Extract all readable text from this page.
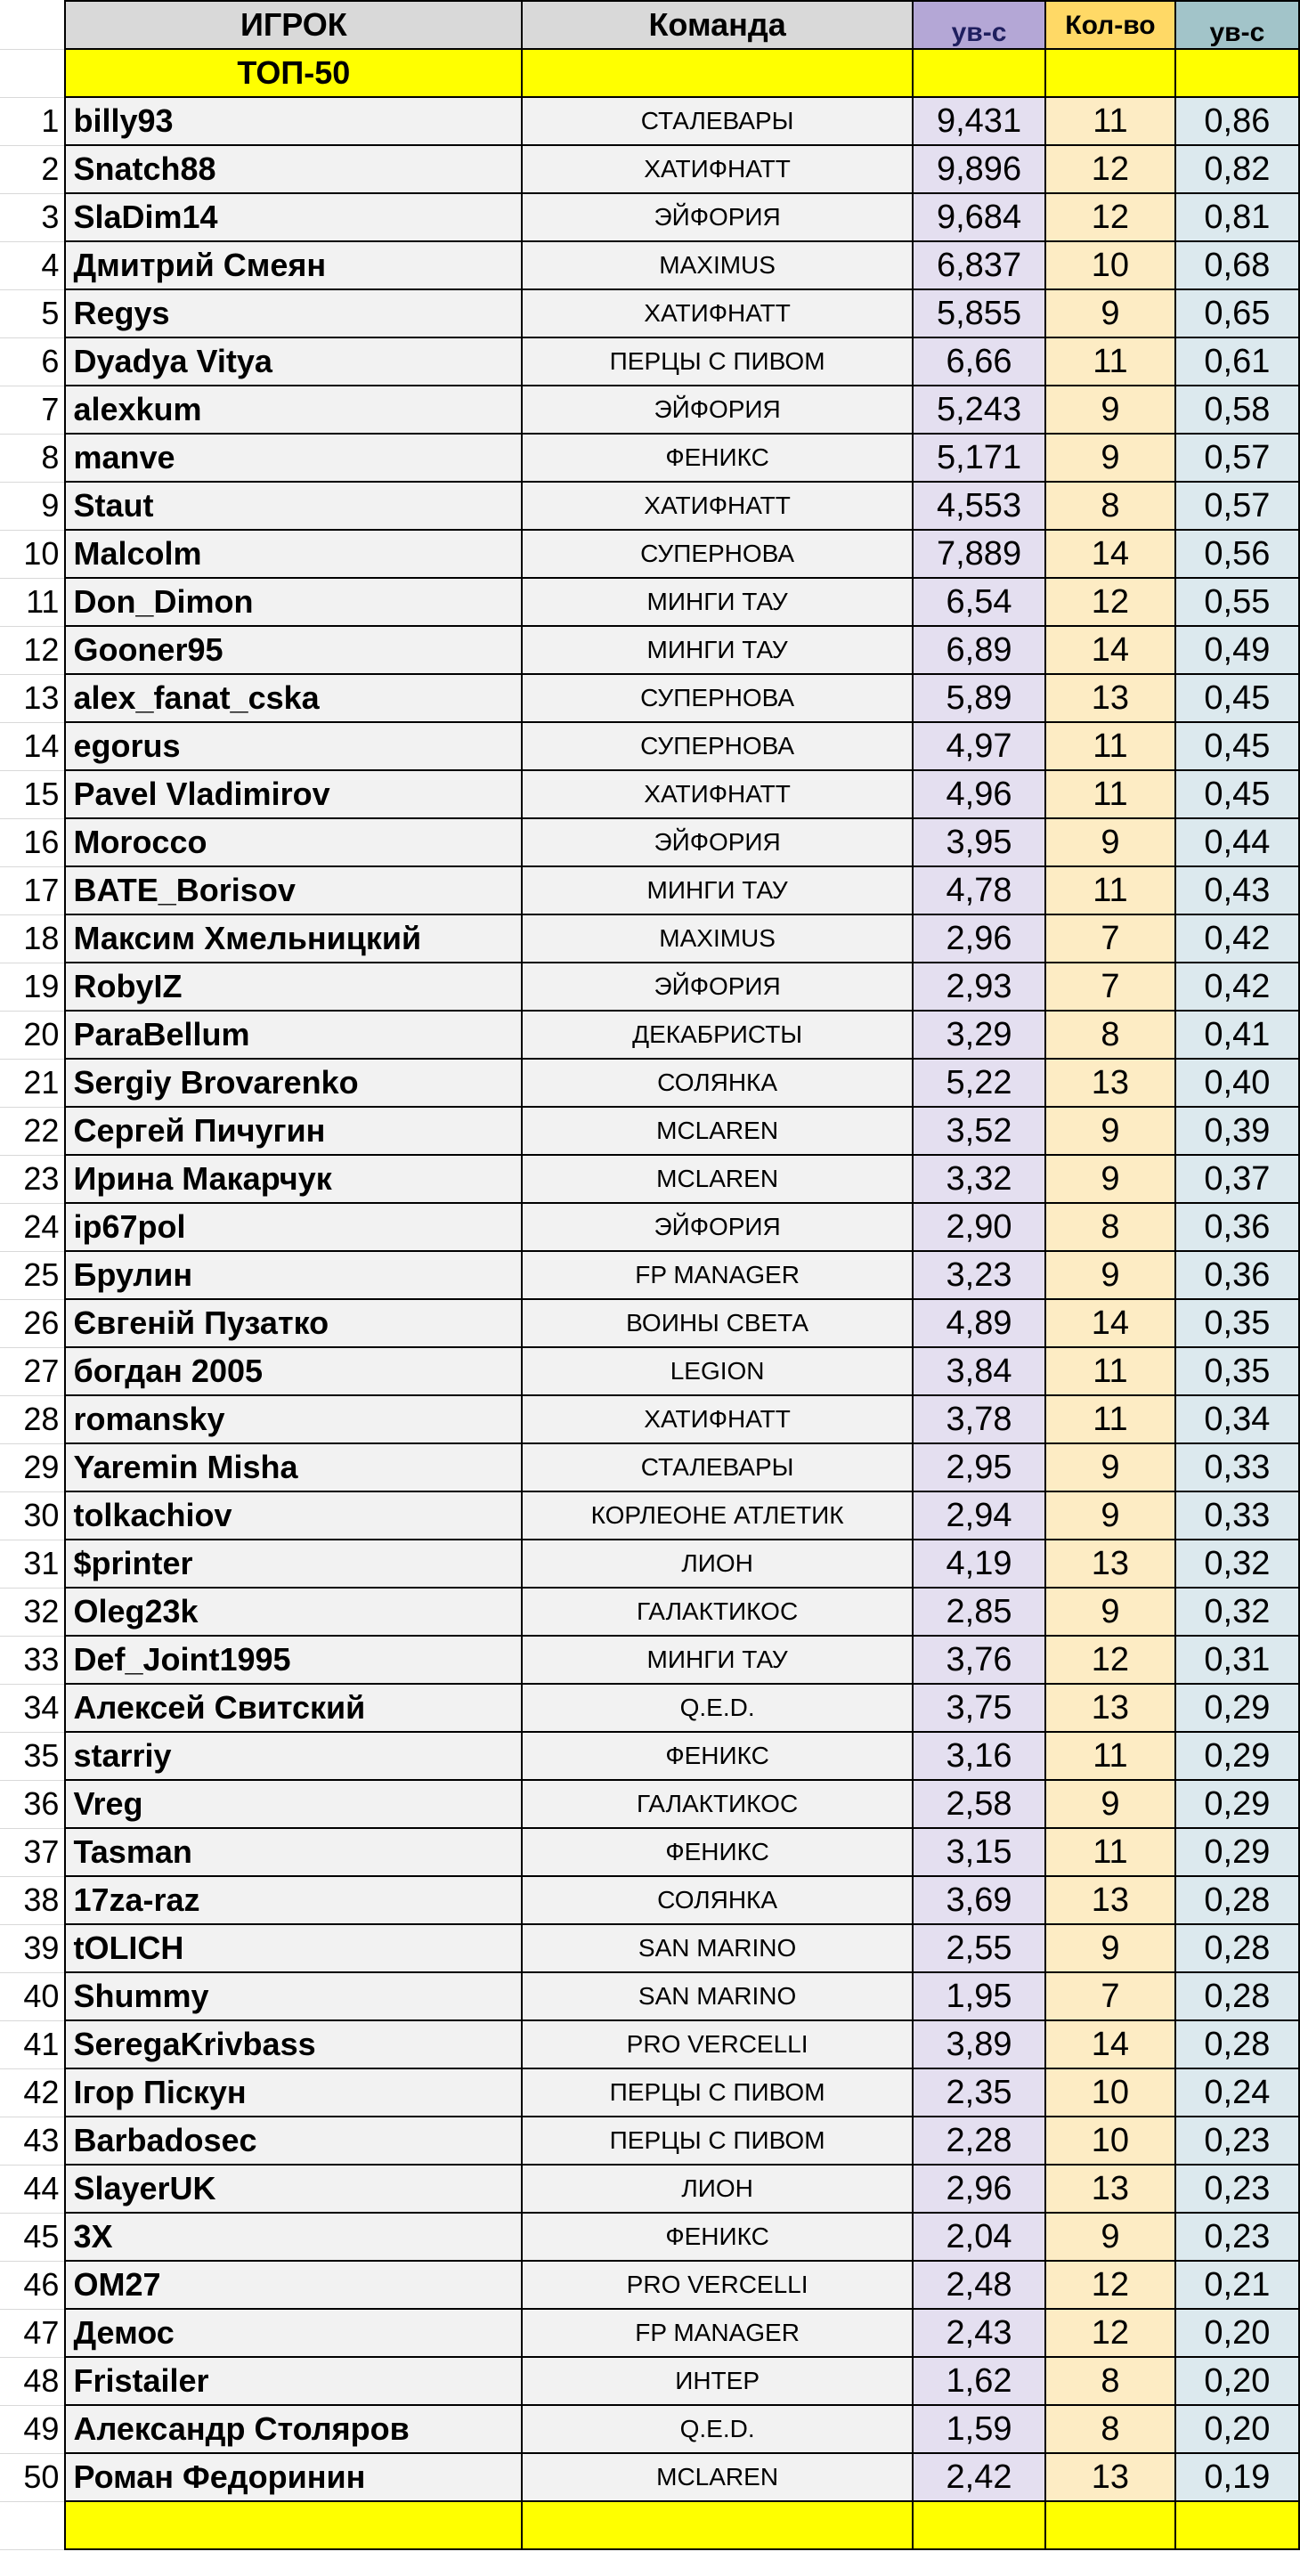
	ИГРОК	Команда	ув-с	Кол-во	ув-с
	ТОП-50				
1	billy93	СТАЛЕВАРЫ	9,431	11	0,86
2	Snatch88	ХАТИФНАТТ	9,896	12	0,82
3	SlaDim14	ЭЙФОРИЯ	9,684	12	0,81
4	Дмитрий Смеян	MAXIMUS	6,837	10	0,68
5	Regys	ХАТИФНАТТ	5,855	9	0,65
6	Dyadya Vitya	ПЕРЦЫ С ПИВОМ	6,66	11	0,61
7	alexkum	ЭЙФОРИЯ	5,243	9	0,58
8	manve	ФЕНИКС	5,171	9	0,57
9	Staut	ХАТИФНАТТ	4,553	8	0,57
10	Malcolm	СУПЕРНОВА	7,889	14	0,56
11	Don_Dimon	МИНГИ ТАУ	6,54	12	0,55
12	Gooner95	МИНГИ ТАУ	6,89	14	0,49
13	alex_fanat_cska	СУПЕРНОВА	5,89	13	0,45
14	egorus	СУПЕРНОВА	4,97	11	0,45
15	Pavel Vladimirov	ХАТИФНАТТ	4,96	11	0,45
16	Morocco	ЭЙФОРИЯ	3,95	9	0,44
17	BATE_Borisov	МИНГИ ТАУ	4,78	11	0,43
18	Максим Хмельницкий	MAXIMUS	2,96	7	0,42
19	RobyIZ	ЭЙФОРИЯ	2,93	7	0,42
20	ParaBellum	ДЕКАБРИСТЫ	3,29	8	0,41
21	Sergiy Brovarenko	СОЛЯНКА	5,22	13	0,40
22	Сергей Пичугин	MCLAREN	3,52	9	0,39
23	Ирина Макарчук	MCLAREN	3,32	9	0,37
24	ip67pol	ЭЙФОРИЯ	2,90	8	0,36
25	Брулин	FP MANAGER	3,23	9	0,36
26	Євгеній Пузатко	ВОИНЫ СВЕТА	4,89	14	0,35
27	богдан 2005	LEGION	3,84	11	0,35
28	romansky	ХАТИФНАТТ	3,78	11	0,34
29	Yaremin Misha	СТАЛЕВАРЫ	2,95	9	0,33
30	tolkachiov	КОРЛЕОНЕ АТЛЕТИК	2,94	9	0,33
31	$printer	ЛИОН	4,19	13	0,32
32	Oleg23k	ГАЛАКТИКОС	2,85	9	0,32
33	Def_Joint1995	МИНГИ ТАУ	3,76	12	0,31
34	Алексей Свитский	Q.E.D.	3,75	13	0,29
35	starriy	ФЕНИКС	3,16	11	0,29
36	Vreg	ГАЛАКТИКОС	2,58	9	0,29
37	Tasman	ФЕНИКС	3,15	11	0,29
38	17za-raz	СОЛЯНКА	3,69	13	0,28
39	tOLICH	SAN MARINO	2,55	9	0,28
40	Shummy	SAN MARINO	1,95	7	0,28
41	SeregaKrivbass	PRO VERCELLI	3,89	14	0,28
42	Ігор Піскун	ПЕРЦЫ С ПИВОМ	2,35	10	0,24
43	Barbadosec	ПЕРЦЫ С ПИВОМ	2,28	10	0,23
44	SlayerUK	ЛИОН	2,96	13	0,23
45	3X	ФЕНИКС	2,04	9	0,23
46	OM27	PRO VERCELLI	2,48	12	0,21
47	Демос	FP MANAGER	2,43	12	0,20
48	Fristailer	ИНТЕР	1,62	8	0,20
49	Александр Столяров	Q.E.D.	1,59	8	0,20
50	Роман Федоринин	MCLAREN	2,42	13	0,19
